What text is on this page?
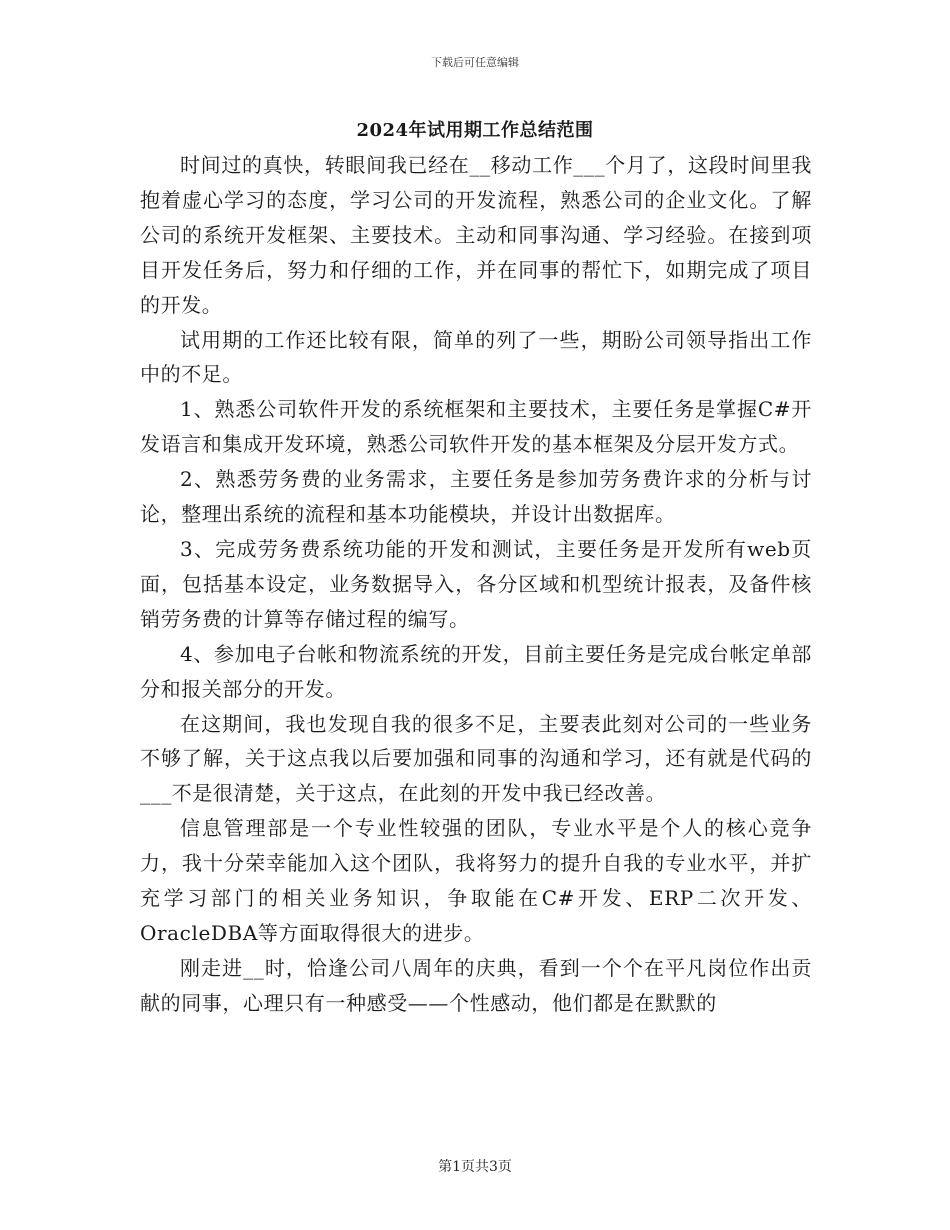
下载后可任意编辑
2024年试用期工作总结范围

时间过的真快，转眼间我已经在__移动工作___个月了，这段时间里我抱着虚心学习的态度，学习公司的开发流程，熟悉公司的企业文化。了解公司的系统开发框架、主要技术。主动和同事沟通、学习经验。在接到项目开发任务后，努力和仔细的工作，并在同事的帮忙下，如期完成了项目的开发。

试用期的工作还比较有限，简单的列了一些，期盼公司领导指出工作中的不足。

1、熟悉公司软件开发的系统框架和主要技术，主要任务是掌握C#开发语言和集成开发环境，熟悉公司软件开发的基本框架及分层开发方式。

2、熟悉劳务费的业务需求，主要任务是参加劳务费许求的分析与讨论，整理出系统的流程和基本功能模块，并设计出数据库。

3、完成劳务费系统功能的开发和测试，主要任务是开发所有web页面，包括基本设定，业务数据导入，各分区域和机型统计报表，及备件核销劳务费的计算等存储过程的编写。

4、参加电子台帐和物流系统的开发，目前主要任务是完成台帐定单部分和报关部分的开发。

在这期间，我也发现自我的很多不足，主要表此刻对公司的一些业务不够了解，关于这点我以后要加强和同事的沟通和学习，还有就是代码的___不是很清楚，关于这点，在此刻的开发中我已经改善。

信息管理部是一个专业性较强的团队，专业水平是个人的核心竞争力，我十分荣幸能加入这个团队，我将努力的提升自我的专业水平，并扩充学习部门的相关业务知识，争取能在C#开发、ERP二次开发、OracleDBA等方面取得很大的进步。

刚走进__时，恰逢公司八周年的庆典，看到一个个在平凡岗位作出贡献的同事，心理只有一种感受——个性感动，他们都是在默默的

第1页共3页
